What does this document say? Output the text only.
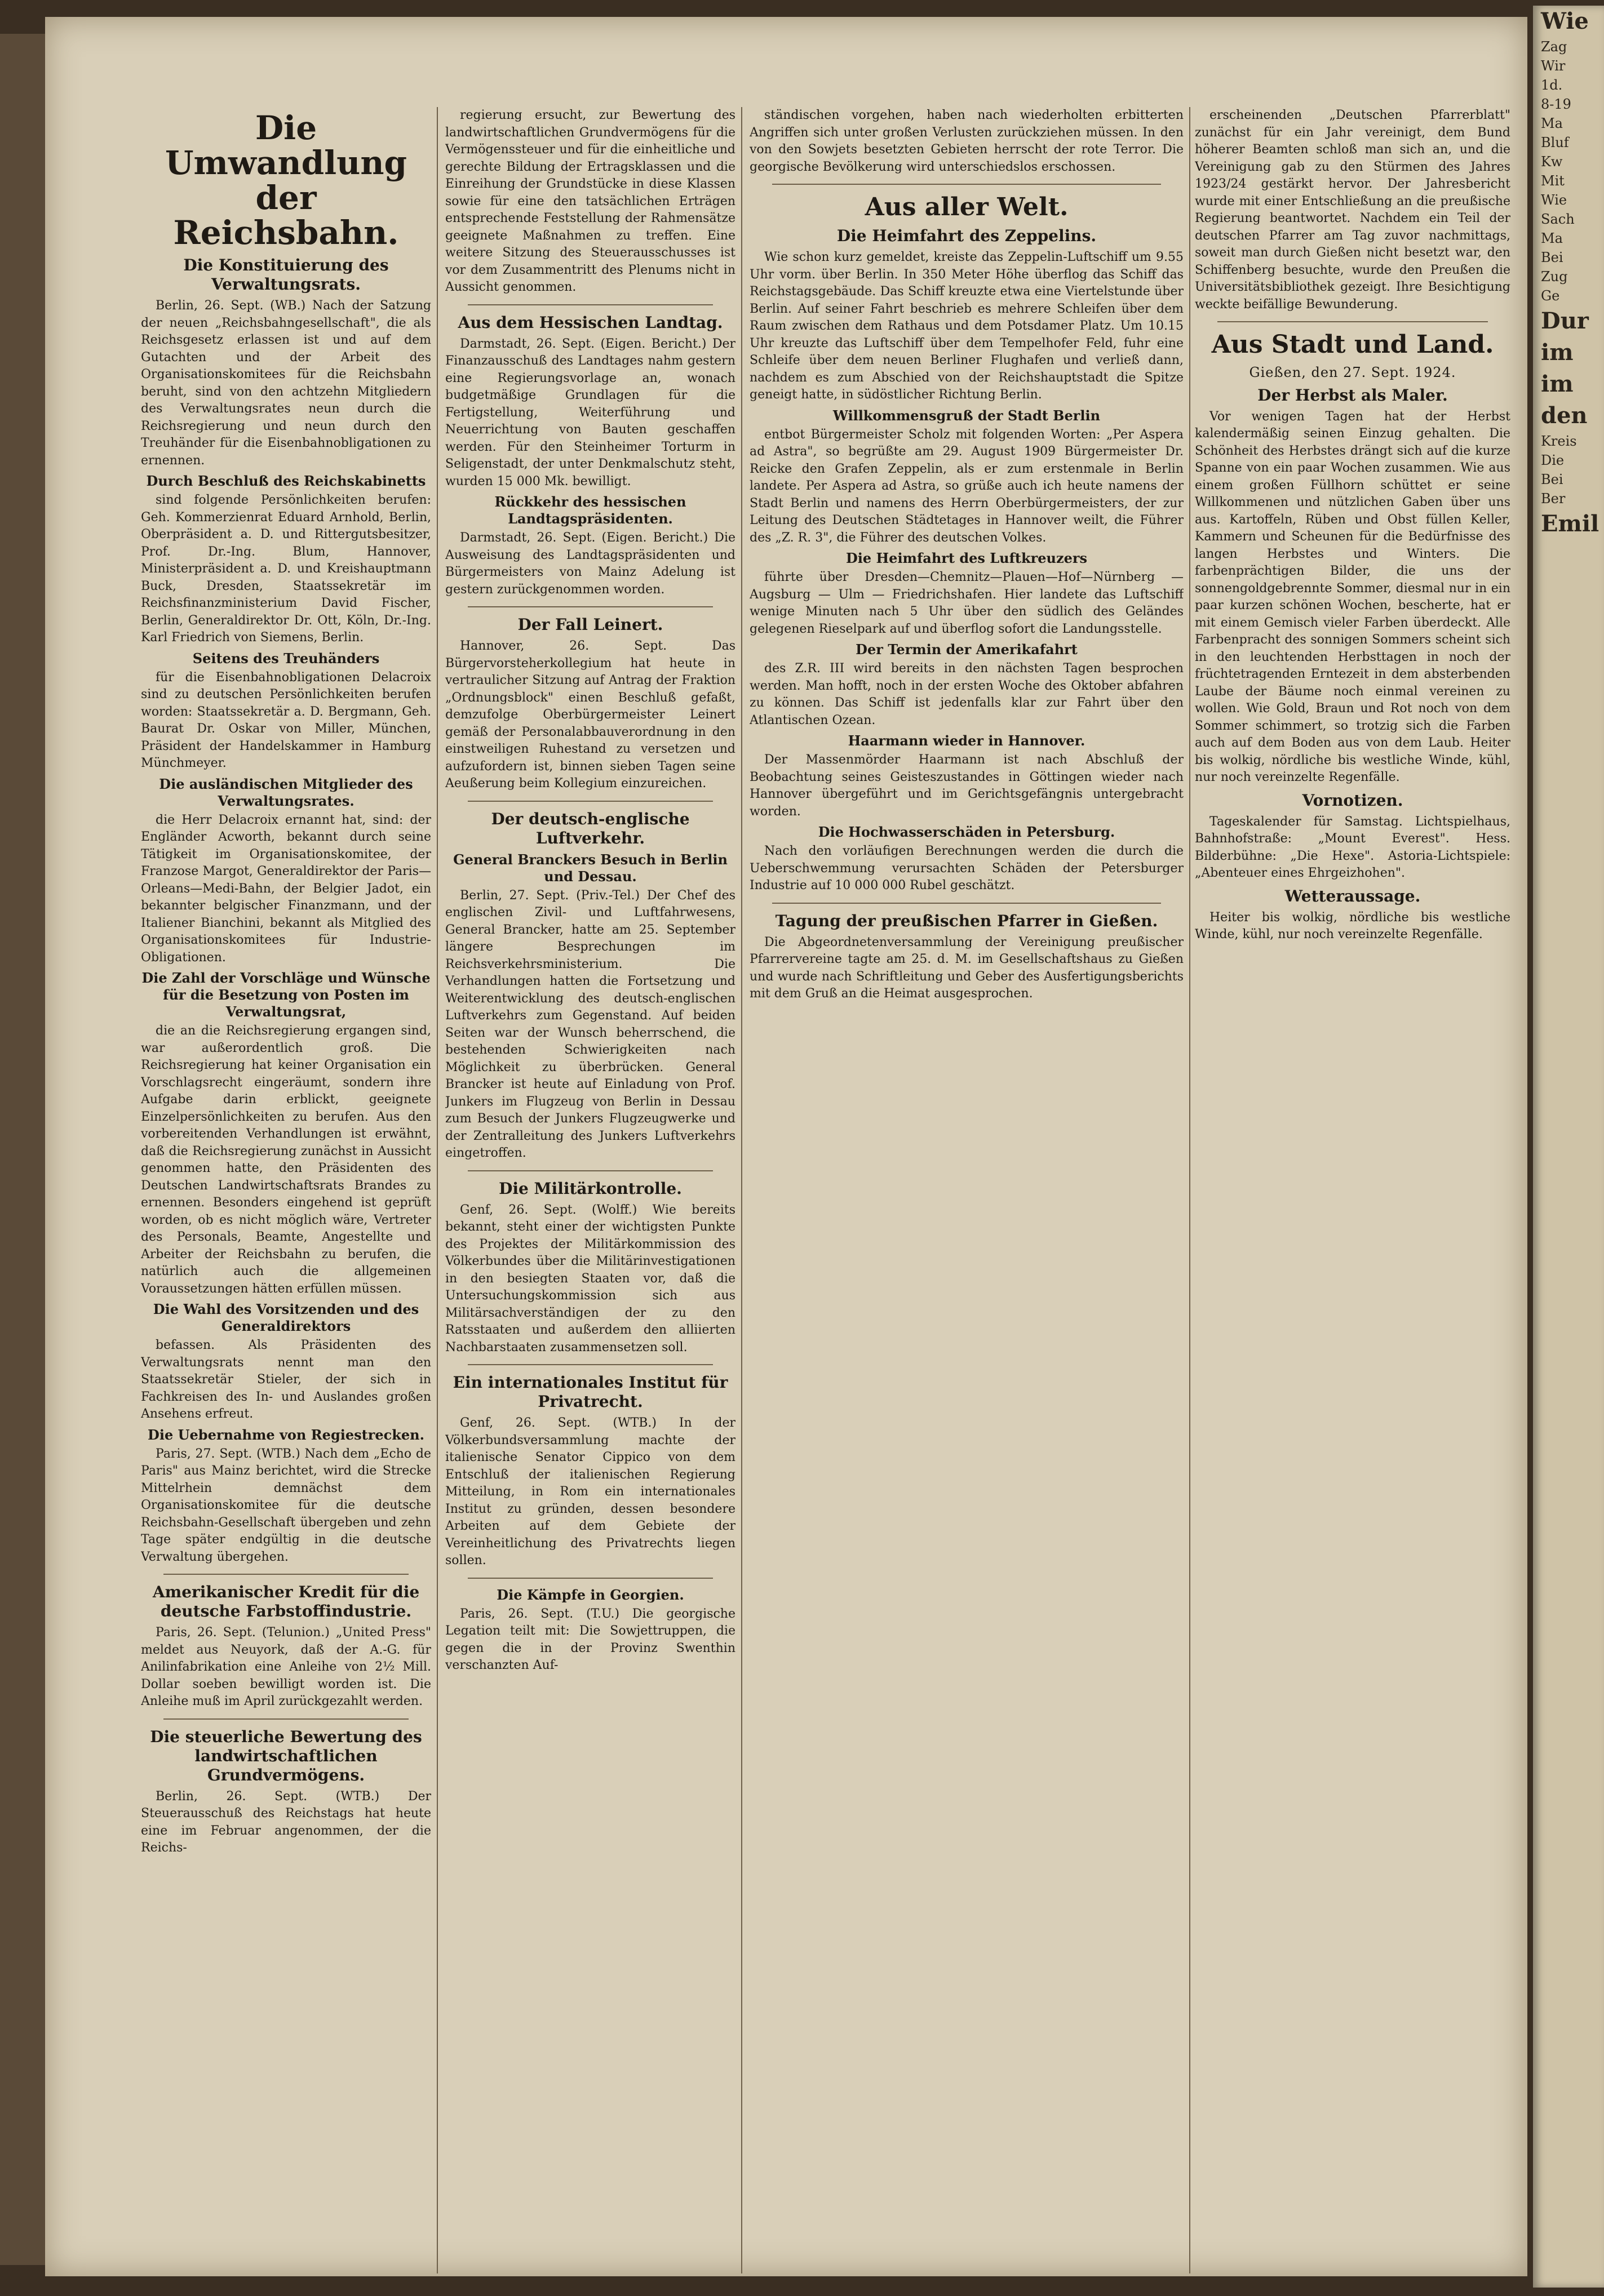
Die Umwandlung der Reichsbahn.
Die Konstituierung des Verwaltungsrats.

Berlin, 26. Sept. (WB.) Nach der Satzung der neuen „Reichsbahngesellschaft", die als Reichsgesetz erlassen ist und auf dem Gutachten und der Arbeit des Organisationskomitees für die Reichsbahn beruht, sind von den achtzehn Mitgliedern des Verwaltungsrates neun durch die Reichsregierung und neun durch den Treuhänder für die Eisenbahnobligationen zu ernennen.

Durch Beschluß des Reichskabinetts

sind folgende Persönlichkeiten berufen: Geh. Kommerzienrat Eduard Arnhold, Berlin, Oberpräsident a. D. und Rittergutsbesitzer, Prof. Dr.-Ing. Blum, Hannover, Ministerpräsident a. D. und Kreishauptmann Buck, Dresden, Staatssekretär im Reichsfinanzministerium David Fischer, Berlin, Generaldirektor Dr. Ott, Köln, Dr.-Ing. Karl Friedrich von Siemens, Berlin.

Seitens des Treuhänders

für die Eisenbahnobligationen Delacroix sind zu deutschen Persönlichkeiten berufen worden: Staatssekretär a. D. Bergmann, Geh. Baurat Dr. Oskar von Miller, München, Präsident der Handelskammer in Hamburg Münchmeyer.

Die ausländischen Mitglieder des Verwaltungsrates.

die Herr Delacroix ernannt hat, sind: der Engländer Acworth, bekannt durch seine Tätigkeit im Organisationskomitee, der Franzose Margot, Generaldirektor der Paris—Orleans—Medi-Bahn, der Belgier Jadot, ein bekannter belgischer Finanzmann, und der Italiener Bianchini, bekannt als Mitglied des Organisationskomitees für Industrie-Obligationen.

Die Zahl der Vorschläge und Wünsche für die Besetzung von Posten im Verwaltungsrat,

die an die Reichsregierung ergangen sind, war außerordentlich groß. Die Reichsregierung hat keiner Organisation ein Vorschlagsrecht eingeräumt, sondern ihre Aufgabe darin erblickt, geeignete Einzelpersönlichkeiten zu berufen. Aus den vorbereitenden Verhandlungen ist erwähnt, daß die Reichsregierung zunächst in Aussicht genommen hatte, den Präsidenten des Deutschen Landwirtschaftsrats Brandes zu ernennen. Besonders eingehend ist geprüft worden, ob es nicht möglich wäre, Vertreter des Personals, Beamte, Angestellte und Arbeiter der Reichsbahn zu berufen, die natürlich auch die allgemeinen Voraussetzungen hätten erfüllen müssen.

Die Wahl des Vorsitzenden und des Generaldirektors

befassen. Als Präsidenten des Verwaltungsrats nennt man den Staatssekretär Stieler, der sich in Fachkreisen des In- und Auslandes großen Ansehens erfreut.

Die Uebernahme von Regiestrecken.

Paris, 27. Sept. (WTB.) Nach dem „Echo de Paris" aus Mainz berichtet, wird die Strecke Mittelrhein demnächst dem Organisationskomitee für die deutsche Reichsbahn-Gesellschaft übergeben und zehn Tage später endgültig in die deutsche Verwaltung übergehen.

Amerikanischer Kredit für die deutsche Farbstoffindustrie.

Paris, 26. Sept. (Telunion.) „United Press" meldet aus Neuyork, daß der A.-G. für Anilinfabrikation eine Anleihe von 2½ Mill. Dollar soeben bewilligt worden ist. Die Anleihe muß im April zurückgezahlt werden.

Die steuerliche Bewertung des landwirtschaftlichen Grundvermögens.

Berlin, 26. Sept. (WTB.) Der Steuerausschuß des Reichstags hat heute eine im Februar angenommen, der die Reichs-

regierung ersucht, zur Bewertung des landwirtschaftlichen Grundvermögens für die Vermögenssteuer und für die einheitliche und gerechte Bildung der Ertragsklassen und die Einreihung der Grundstücke in diese Klassen sowie für eine den tatsächlichen Erträgen entsprechende Feststellung der Rahmensätze geeignete Maßnahmen zu treffen. Eine weitere Sitzung des Steuerausschusses ist vor dem Zusammentritt des Plenums nicht in Aussicht genommen.

Aus dem Hessischen Landtag.

Darmstadt, 26. Sept. (Eigen. Bericht.) Der Finanzausschuß des Landtages nahm gestern eine Regierungsvorlage an, wonach budgetmäßige Grundlagen für die Fertigstellung, Weiterführung und Neuerrichtung von Bauten geschaffen werden. Für den Steinheimer Torturm in Seligenstadt, der unter Denkmalschutz steht, wurden 15 000 Mk. bewilligt.

Rückkehr des hessischen Landtagspräsidenten.

Darmstadt, 26. Sept. (Eigen. Bericht.) Die Ausweisung des Landtagspräsidenten und Bürgermeisters von Mainz Adelung ist gestern zurückgenommen worden.

Der Fall Leinert.

Hannover, 26. Sept. Das Bürgervorsteherkollegium hat heute in vertraulicher Sitzung auf Antrag der Fraktion „Ordnungsblock" einen Beschluß gefaßt, demzufolge Oberbürgermeister Leinert gemäß der Personalabbauverordnung in den einstweiligen Ruhestand zu versetzen und aufzufordern ist, binnen sieben Tagen seine Aeußerung beim Kollegium einzureichen.

Der deutsch-englische Luftverkehr.
General Branckers Besuch in Berlin und Dessau.

Berlin, 27. Sept. (Priv.-Tel.) Der Chef des englischen Zivil- und Luftfahrwesens, General Brancker, hatte am 25. September längere Besprechungen im Reichsverkehrsministerium. Die Verhandlungen hatten die Fortsetzung und Weiterentwicklung des deutsch-englischen Luftverkehrs zum Gegenstand. Auf beiden Seiten war der Wunsch beherrschend, die bestehenden Schwierigkeiten nach Möglichkeit zu überbrücken. General Brancker ist heute auf Einladung von Prof. Junkers im Flugzeug von Berlin in Dessau zum Besuch der Junkers Flugzeugwerke und der Zentralleitung des Junkers Luftverkehrs eingetroffen.

Die Militärkontrolle.

Genf, 26. Sept. (Wolff.) Wie bereits bekannt, steht einer der wichtigsten Punkte des Projektes der Militärkommission des Völkerbundes über die Militärinvestigationen in den besiegten Staaten vor, daß die Untersuchungskommission sich aus Militärsachverständigen der zu den Ratsstaaten und außerdem den alliierten Nachbarstaaten zusammensetzen soll.

Ein internationales Institut für Privatrecht.

Genf, 26. Sept. (WTB.) In der Völkerbundsversammlung machte der italienische Senator Cippico von dem Entschluß der italienischen Regierung Mitteilung, in Rom ein internationales Institut zu gründen, dessen besondere Arbeiten auf dem Gebiete der Vereinheitlichung des Privatrechts liegen sollen.

Die Kämpfe in Georgien.

Paris, 26. Sept. (T.U.) Die georgische Legation teilt mit: Die Sowjettruppen, die gegen die in der Provinz Swenthin verschanzten Auf-

ständischen vorgehen, haben nach wiederholten erbitterten Angriffen sich unter großen Verlusten zurückziehen müssen. In den von den Sowjets besetzten Gebieten herrscht der rote Terror. Die georgische Bevölkerung wird unterschiedslos erschossen.

Aus aller Welt.
Die Heimfahrt des Zeppelins.

Wie schon kurz gemeldet, kreiste das Zeppelin-Luftschiff um 9.55 Uhr vorm. über Berlin. In 350 Meter Höhe überflog das Schiff das Reichstagsgebäude. Das Schiff kreuzte etwa eine Viertelstunde über Berlin. Auf seiner Fahrt beschrieb es mehrere Schleifen über dem Raum zwischen dem Rathaus und dem Potsdamer Platz. Um 10.15 Uhr kreuzte das Luftschiff über dem Tempelhofer Feld, fuhr eine Schleife über dem neuen Berliner Flughafen und verließ dann, nachdem es zum Abschied von der Reichshauptstadt die Spitze geneigt hatte, in südöstlicher Richtung Berlin.

Willkommensgruß der Stadt Berlin

entbot Bürgermeister Scholz mit folgenden Worten: „Per Aspera ad Astra", so begrüßte am 29. August 1909 Bürgermeister Dr. Reicke den Grafen Zeppelin, als er zum erstenmale in Berlin landete. Per Aspera ad Astra, so grüße auch ich heute namens der Stadt Berlin und namens des Herrn Oberbürgermeisters, der zur Leitung des Deutschen Städtetages in Hannover weilt, die Führer des „Z. R. 3", die Führer des deutschen Volkes.

Die Heimfahrt des Luftkreuzers

führte über Dresden—Chemnitz—Plauen—Hof—Nürnberg — Augsburg — Ulm — Friedrichshafen. Hier landete das Luftschiff wenige Minuten nach 5 Uhr über den südlich des Geländes gelegenen Rieselpark auf und überflog sofort die Landungsstelle.

Der Termin der Amerikafahrt

des Z.R. III wird bereits in den nächsten Tagen besprochen werden. Man hofft, noch in der ersten Woche des Oktober abfahren zu können. Das Schiff ist jedenfalls klar zur Fahrt über den Atlantischen Ozean.

Haarmann wieder in Hannover.

Der Massenmörder Haarmann ist nach Abschluß der Beobachtung seines Geisteszustandes in Göttingen wieder nach Hannover übergeführt und im Gerichtsgefängnis untergebracht worden.

Die Hochwasserschäden in Petersburg.

Nach den vorläufigen Berechnungen werden die durch die Ueberschwemmung verursachten Schäden der Petersburger Industrie auf 10 000 000 Rubel geschätzt.

Tagung der preußischen Pfarrer in Gießen.

Die Abgeordnetenversammlung der Vereinigung preußischer Pfarrervereine tagte am 25. d. M. im Gesellschaftshaus zu Gießen und wurde nach Schriftleitung und Geber des Ausfertigungsberichts mit dem Gruß an die Heimat ausgesprochen.

erscheinenden „Deutschen Pfarrerblatt" zunächst für ein Jahr vereinigt, dem Bund höherer Beamten schloß man sich an, und die Vereinigung gab zu den Stürmen des Jahres 1923/24 gestärkt hervor. Der Jahresbericht wurde mit einer Entschließung an die preußische Regierung beantwortet. Nachdem ein Teil der deutschen Pfarrer am Tag zuvor nachmittags, soweit man durch Gießen nicht besetzt war, den Schiffenberg besuchte, wurde den Preußen die Universitätsbibliothek gezeigt. Ihre Besichtigung weckte beifällige Bewunderung.

Aus Stadt und Land.
Gießen, den 27. Sept. 1924.
Der Herbst als Maler.

Vor wenigen Tagen hat der Herbst kalendermäßig seinen Einzug gehalten. Die Schönheit des Herbstes drängt sich auf die kurze Spanne von ein paar Wochen zusammen. Wie aus einem großen Füllhorn schüttet er seine Willkommenen und nützlichen Gaben über uns aus. Kartoffeln, Rüben und Obst füllen Keller, Kammern und Scheunen für die Bedürfnisse des langen Herbstes und Winters. Die farbenprächtigen Bilder, die uns der sonnengoldgebrennte Sommer, diesmal nur in ein paar kurzen schönen Wochen, bescherte, hat er mit einem Gemisch vieler Farben überdeckt. Alle Farbenpracht des sonnigen Sommers scheint sich in den leuchtenden Herbsttagen in noch der früchtetragenden Erntezeit in dem absterbenden Laube der Bäume noch einmal vereinen zu wollen. Wie Gold, Braun und Rot noch von dem Sommer schimmert, so trotzig sich die Farben auch auf dem Boden aus von dem Laub. Heiter bis wolkig, nördliche bis westliche Winde, kühl, nur noch vereinzelte Regenfälle.

Vornotizen.

Tageskalender für Samstag. Lichtspielhaus, Bahnhofstraße: „Mount Everest". Hess. Bilderbühne: „Die Hexe". Astoria-Lichtspiele: „Abenteuer eines Ehrgeizhohen".

Wetteraussage.

Heiter bis wolkig, nördliche bis westliche Winde, kühl, nur noch vereinzelte Regenfälle.

Wie
Zag
Wir
1d.
8-19
Ma
Bluf
Kw
Mit
Wie
Sach
Ma
Bei
Zug
Ge
Dur
im
im
den
Kreis
Die
Bei
Ber
Emil
